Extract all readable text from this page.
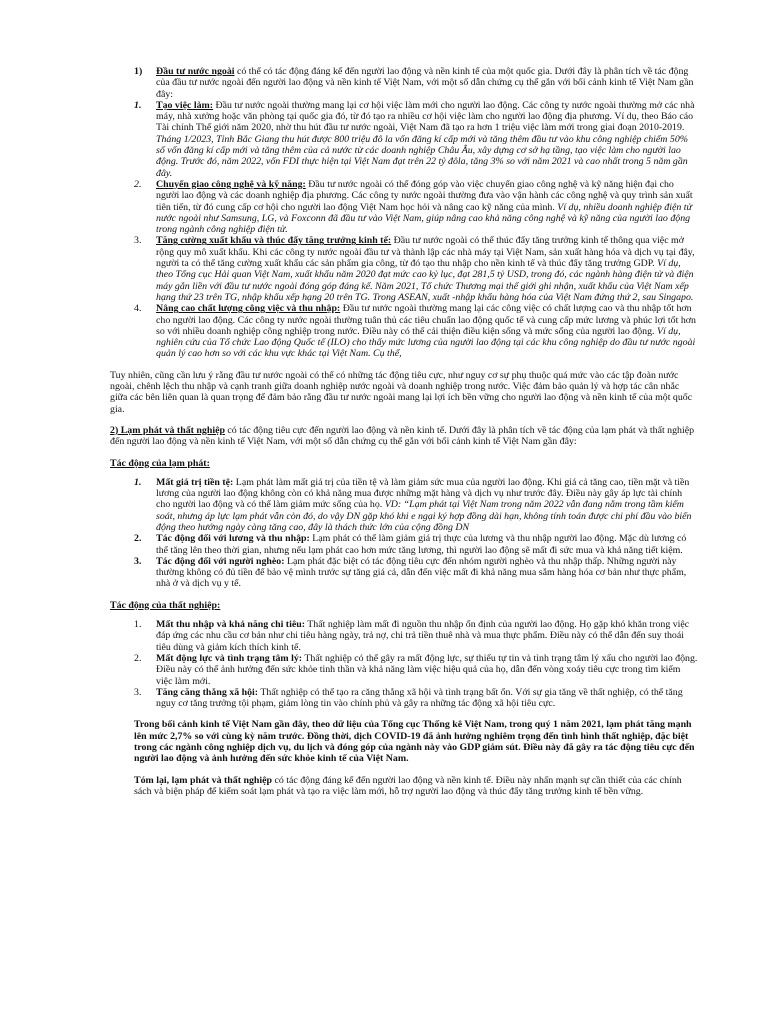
1) Đầu tư nước ngoài có thể có tác động đáng kể đến người lao động và nền kinh tế của một quốc gia. Dưới đây là phân tích về tác động của đầu tư nước ngoài đến người lao động và nền kinh tế Việt Nam, với một số dẫn chứng cụ thể gắn với bối cảnh kinh tế Việt Nam gần đây:

1. Tạo việc làm: Đầu tư nước ngoài thường mang lại cơ hội việc làm mới cho người lao động. Các công ty nước ngoài thường mở các nhà máy, nhà xưởng hoặc văn phòng tại quốc gia đó, từ đó tạo ra nhiều cơ hội việc làm cho người lao động địa phương. Ví dụ, theo Báo cáo Tài chính Thế giới năm 2020, nhờ thu hút đầu tư nước ngoài, Việt Nam đã tạo ra hơn 1 triệu việc làm mới trong giai đoạn 2010-2019. Tháng 1/2023, Tỉnh Bắc Giang thu hút được 800 triệu đô la vốn đăng kí cấp mới và tăng thêm đầu tư vào khu công nghiệp chiếm 50% số vốn đăng kí cấp mới và tăng thêm của cả nước từ các doanh nghiệp Châu Âu, xây dựng cơ sở hạ tầng, tạo việc làm cho người lao động. Trước đó, năm 2022, vốn FDI thực hiện tại Việt Nam đạt trên 22 tỷ đôla, tăng 3% so với năm 2021 và cao nhất trong 5 năm gần đây.

2. Chuyển giao công nghệ và kỹ năng: Đầu tư nước ngoài có thể đóng góp vào việc chuyển giao công nghệ và kỹ năng hiện đại cho người lao động và các doanh nghiệp địa phương. Các công ty nước ngoài thường đưa vào vận hành các công nghệ và quy trình sản xuất tiên tiến, từ đó cung cấp cơ hội cho người lao động Việt Nam học hỏi và nâng cao kỹ năng của mình. Ví dụ, nhiều doanh nghiệp điện tử nước ngoài như Samsung, LG, và Foxconn đã đầu tư vào Việt Nam, giúp nâng cao khả năng công nghệ và kỹ năng của người lao động trong ngành công nghiệp điện tử.

3. Tăng cường xuất khẩu và thúc đẩy tăng trưởng kinh tế: Đầu tư nước ngoài có thể thúc đẩy tăng trưởng kinh tế thông qua việc mở rộng quy mô xuất khẩu. Khi các công ty nước ngoài đầu tư và thành lập các nhà máy tại Việt Nam, sản xuất hàng hóa và dịch vụ tại đây, người ta có thể tăng cường xuất khẩu các sản phẩm gia công, từ đó tạo thu nhập cho nền kinh tế và thúc đẩy tăng trưởng GDP. Ví dụ, theo Tổng cục Hải quan Việt Nam, xuất khẩu năm 2020 đạt mức cao kỷ lục, đạt 281,5 tỷ USD, trong đó, các ngành hàng điện tử và điện máy gắn liền với đầu tư nước ngoài đóng góp đáng kể. Năm 2021, Tổ chức Thương mại thế giới ghi nhận, xuất khẩu của Việt Nam xếp hạng thứ 23 trên TG, nhập khẩu xếp hạng 20 trên TG. Trong ASEAN, xuất -nhập khẩu hàng hóa của Việt Nam đứng thứ 2, sau Singapo.

4. Nâng cao chất lượng công việc và thu nhập: Đầu tư nước ngoài thường mang lại các công việc có chất lượng cao và thu nhập tốt hơn cho người lao động. Các công ty nước ngoài thường tuân thủ các tiêu chuẩn lao động quốc tế và cung cấp mức lương và phúc lợi tốt hơn so với nhiều doanh nghiệp công nghiệp trong nước. Điều này có thể cải thiện điều kiện sống và mức sống của người lao động. Ví dụ, nghiên cứu của Tổ chức Lao động Quốc tế (ILO) cho thấy mức lương của người lao động tại các khu công nghiệp do đầu tư nước ngoài quản lý cao hơn so với các khu vực khác tại Việt Nam. Cụ thể,

Tuy nhiên, cũng cần lưu ý rằng đầu tư nước ngoài có thể có những tác động tiêu cực, như nguy cơ sự phụ thuộc quá mức vào các tập đoàn nước ngoài, chênh lệch thu nhập và cạnh tranh giữa doanh nghiệp nước ngoài và doanh nghiệp trong nước. Việc đảm bảo quản lý và hợp tác cân nhắc giữa các bên liên quan là quan trọng để đảm bảo rằng đầu tư nước ngoài mang lại lợi ích bền vững cho người lao động và nền kinh tế của một quốc gia.

2) Lạm phát và thất nghiệp có tác động tiêu cực đến người lao động và nền kinh tế. Dưới đây là phân tích về tác động của lạm phát và thất nghiệp đến người lao động và nền kinh tế Việt Nam, với một số dẫn chứng cụ thể gắn với bối cảnh kinh tế Việt Nam gần đây:

Tác động của lạm phát:

1. Mất giá trị tiền tệ: Lạm phát làm mất giá trị của tiền tệ và làm giảm sức mua của người lao động. Khi giá cả tăng cao, tiền mặt và tiền lương của người lao động không còn có khả năng mua được những mặt hàng và dịch vụ như trước đây. Điều này gây áp lực tài chính cho người lao động và có thể làm giảm mức sống của họ. VD: “Lạm phát tại Việt Nam trong năm 2022 vẫn đang nằm trong tầm kiểm soát, nhưng áp lực lạm phát vẫn còn đó, do vậy DN gặp khó khi e ngại ký hợp đồng dài hạn, không tính toán được chi phí đầu vào biến động theo hướng ngày càng tăng cao, đây là thách thức lớn của cộng đồng DN

2. Tác động đối với lương và thu nhập: Lạm phát có thể làm giảm giá trị thực của lương và thu nhập người lao động. Mặc dù lương có thể tăng lên theo thời gian, nhưng nếu lạm phát cao hơn mức tăng lương, thì người lao động sẽ mất đi sức mua và khả năng tiết kiệm.

3. Tác động đối với người nghèo: Lạm phát đặc biệt có tác động tiêu cực đến nhóm người nghèo và thu nhập thấp. Những người này thường không có đủ tiền để bảo vệ mình trước sự tăng giá cả, dẫn đến việc mất đi khả năng mua sắm hàng hóa cơ bản như thực phẩm, nhà ở và dịch vụ y tế.

Tác động của thất nghiệp:

1. Mất thu nhập và khả năng chi tiêu: Thất nghiệp làm mất đi nguồn thu nhập ổn định của người lao động. Họ gặp khó khăn trong việc đáp ứng các nhu cầu cơ bản như chi tiêu hàng ngày, trả nợ, chi trả tiền thuê nhà và mua thực phẩm. Điều này có thể dẫn đến suy thoái tiêu dùng và giảm kích thích kinh tế.

2. Mất động lực và tình trạng tâm lý: Thất nghiệp có thể gây ra mất động lực, sự thiếu tự tin và tình trạng tâm lý xấu cho người lao động. Điều này có thể ảnh hưởng đến sức khỏe tinh thần và khả năng làm việc hiệu quả của họ, dẫn đến vòng xoáy tiêu cực trong tìm kiếm việc làm mới.

3. Tăng căng thẳng xã hội: Thất nghiệp có thể tạo ra căng thẳng xã hội và tình trạng bất ổn. Với sự gia tăng về thất nghiệp, có thể tăng nguy cơ tăng trưởng tội phạm, giảm lòng tin vào chính phủ và gây ra những tác động xã hội tiêu cực.

Trong bối cảnh kinh tế Việt Nam gần đây, theo dữ liệu của Tổng cục Thống kê Việt Nam, trong quý 1 năm 2021, lạm phát tăng mạnh lên mức 2,7% so với cùng kỳ năm trước. Đồng thời, dịch COVID-19 đã ảnh hưởng nghiêm trọng đến tình hình thất nghiệp, đặc biệt trong các ngành công nghiệp dịch vụ, du lịch và đóng góp của ngành này vào GDP giảm sút. Điều này đã gây ra tác động tiêu cực đến người lao động và ảnh hưởng đến sức khỏe kinh tế của Việt Nam.

Tóm lại, lạm phát và thất nghiệp có tác động đáng kể đến người lao động và nền kinh tế. Điều này nhấn mạnh sự cần thiết của các chính sách và biện pháp để kiểm soát lạm phát và tạo ra việc làm mới, hỗ trợ người lao động và thúc đẩy tăng trưởng kinh tế bền vững.
